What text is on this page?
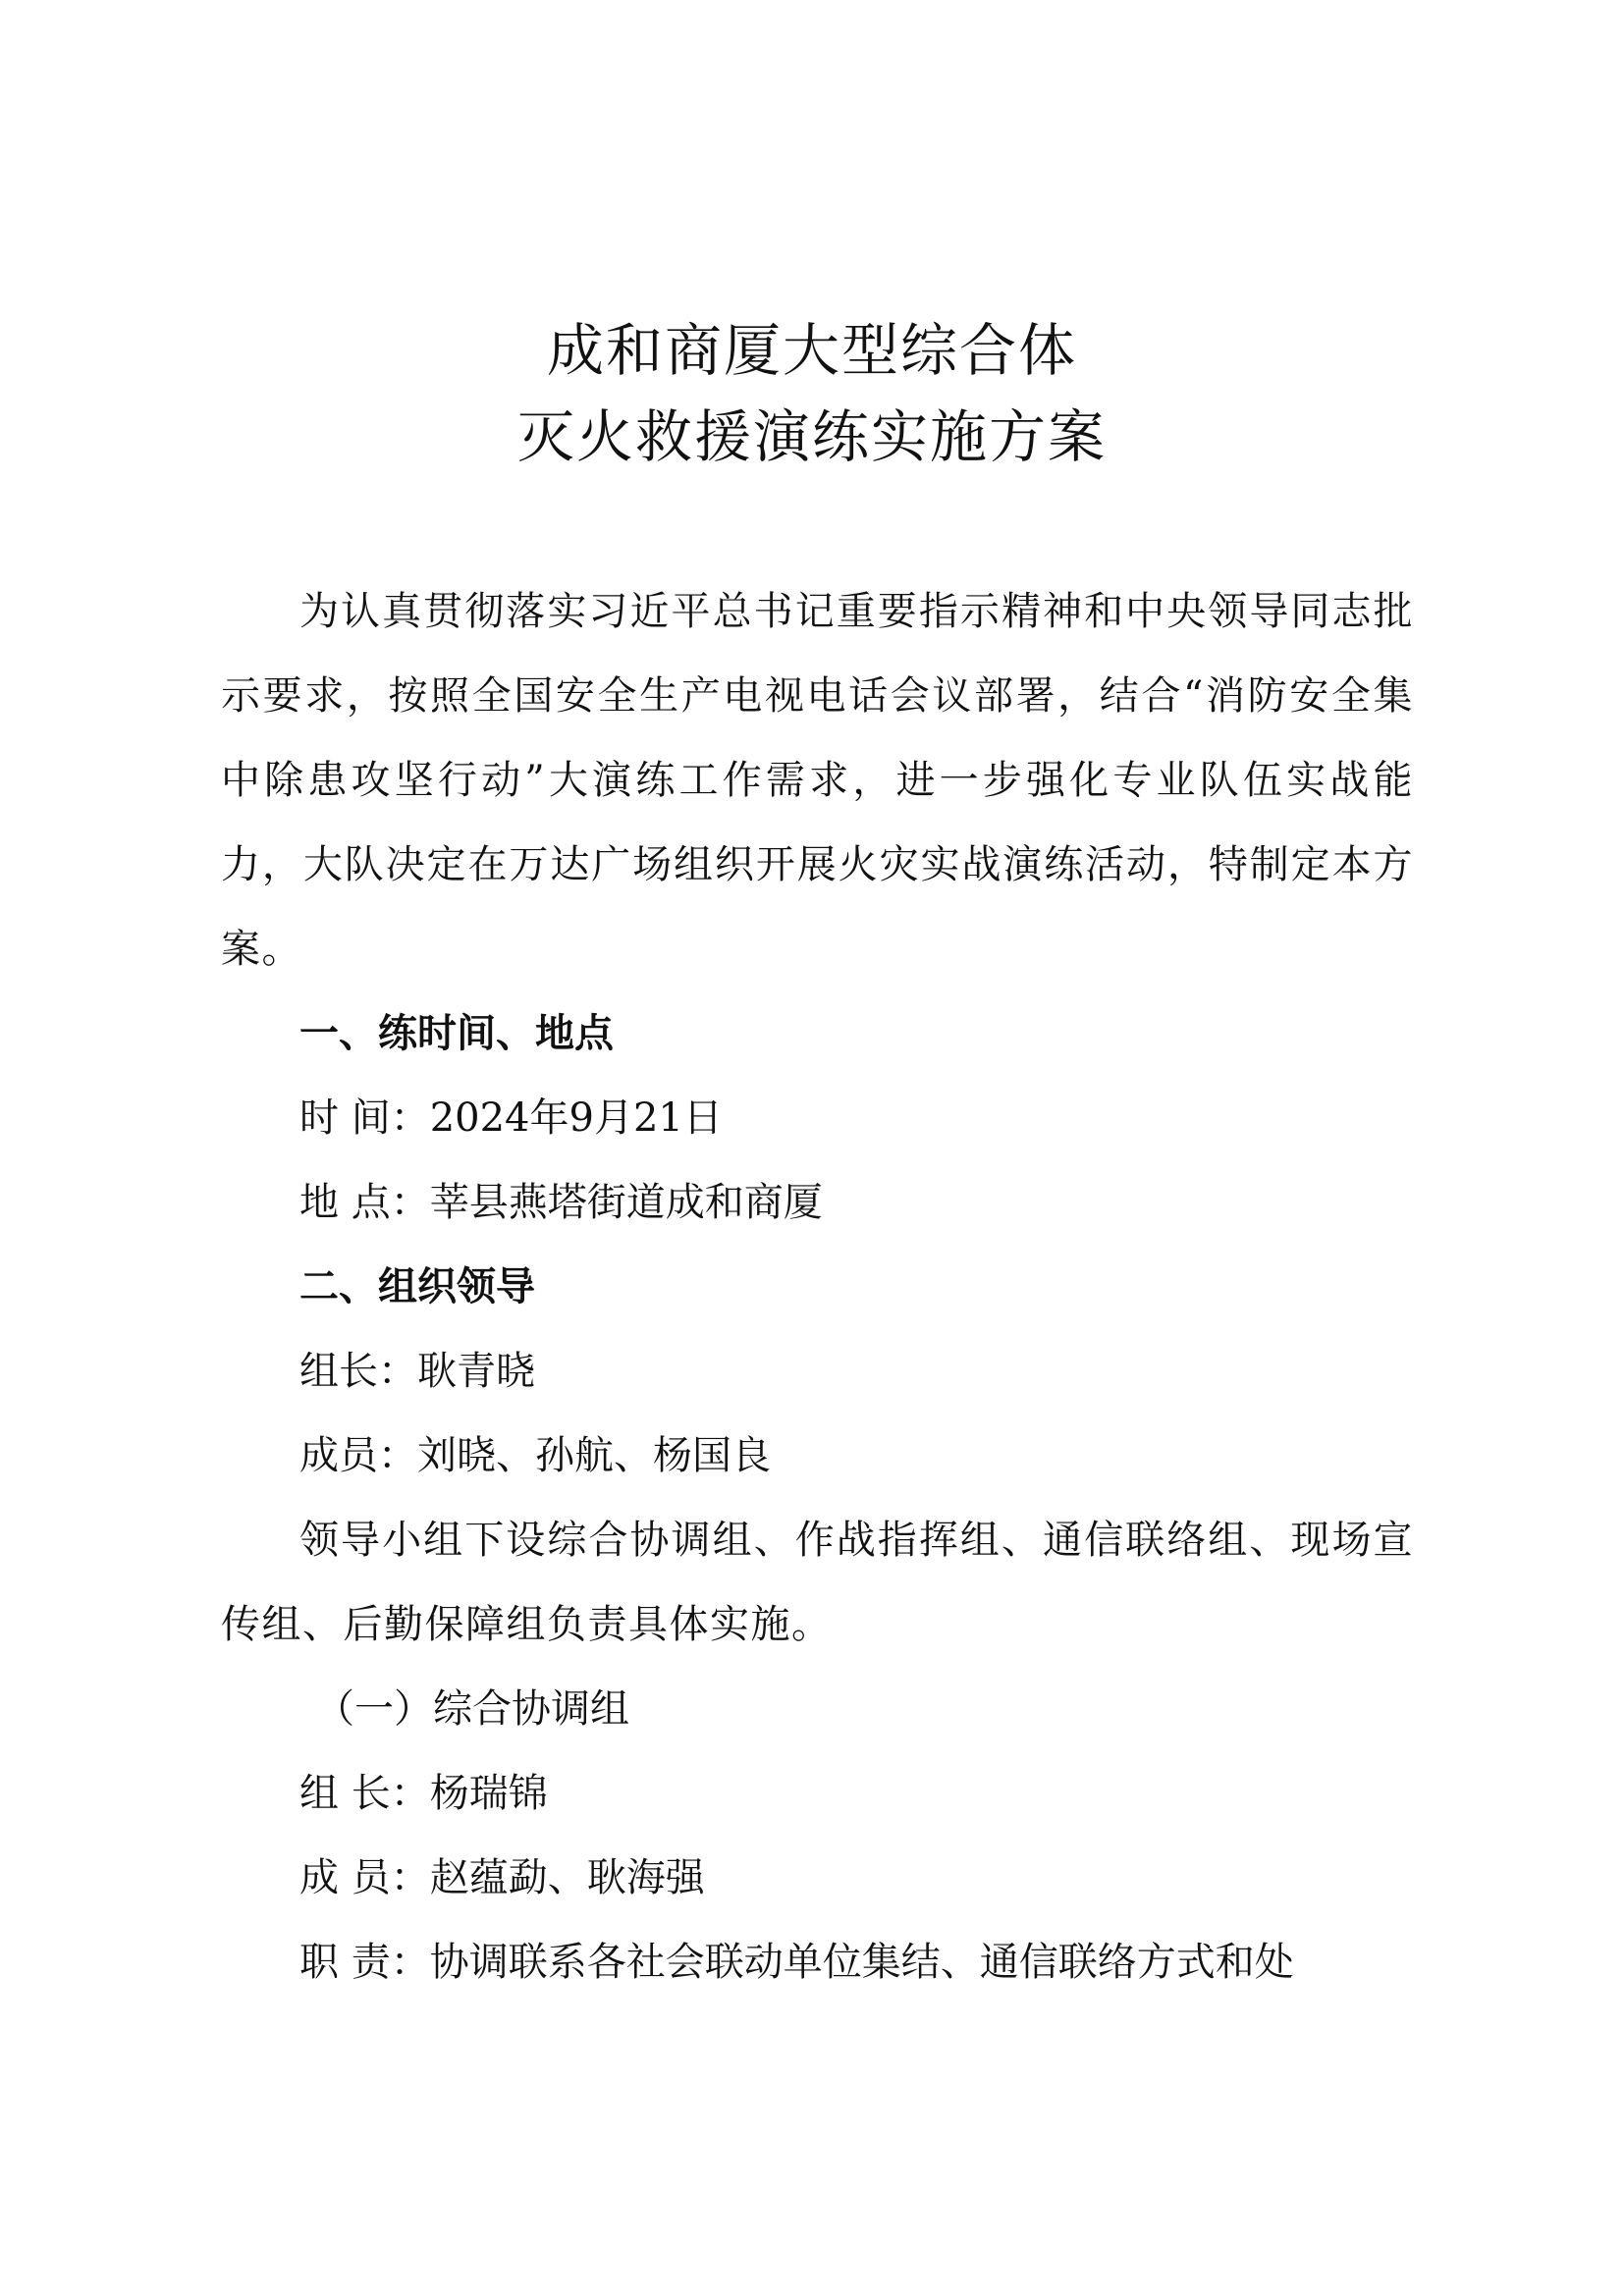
成和商厦大型综合体
灭火救援演练实施方案

为认真贯彻落实习近平总书记重要指示精神和中央领导同志批示要求，按照全国安全生产电视电话会议部署，结合“消防安全集中除患攻坚行动”大演练工作需求，进一步强化专业队伍实战能力，大队决定在万达广场组织开展火灾实战演练活动，特制定本方案。

一、练时间、地点

时 间：2024年9月21日

地 点：莘县燕塔街道成和商厦

二、组织领导

组长：耿青晓

成员：刘晓、孙航、杨国良

领导小组下设综合协调组、作战指挥组、通信联络组、现场宣传组、后勤保障组负责具体实施。

（一）综合协调组

组 长：杨瑞锦

成 员：赵蕴勐、耿海强

职 责：协调联系各社会联动单位集结、通信联络方式和处
